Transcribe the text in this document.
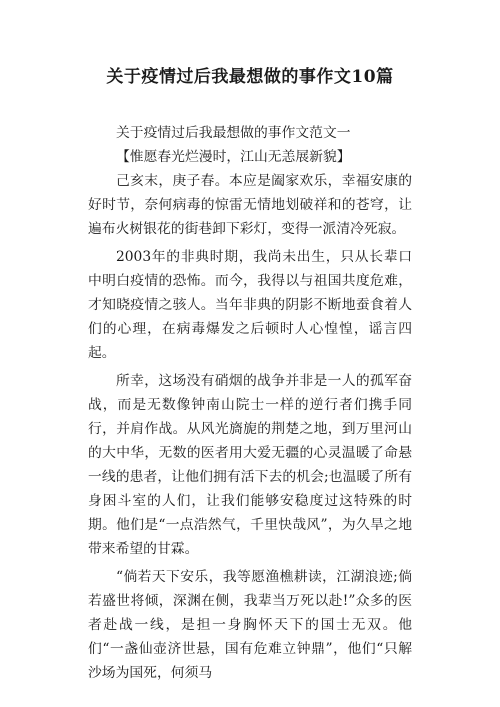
关于疫情过后我最想做的事作文10篇

关于疫情过后我最想做的事作文范文一

【惟愿春光烂漫时，江山无恙展新貌】

己亥末，庚子春。本应是阖家欢乐，幸福安康的好时节，奈何病毒的惊雷无情地划破祥和的苍穹，让遍布火树银花的街巷卸下彩灯，变得一派清冷死寂。

2003年的非典时期，我尚未出生，只从长辈口中明白疫情的恐怖。而今，我得以与祖国共度危难，才知晓疫情之骇人。当年非典的阴影不断地蚕食着人们的心理，在病毒爆发之后顿时人心惶惶，谣言四起。

所幸，这场没有硝烟的战争并非是一人的孤军奋战，而是无数像钟南山院士一样的逆行者们携手同行，并肩作战。从风光旖旎的荆楚之地，到万里河山的大中华，无数的医者用大爱无疆的心灵温暖了命悬一线的患者，让他们拥有活下去的机会;也温暖了所有身困斗室的人们，让我们能够安稳度过这特殊的时期。他们是“一点浩然气，千里快哉风”，为久旱之地带来希望的甘霖。

“倘若天下安乐，我等愿渔樵耕读，江湖浪迹;倘若盛世将倾，深渊在侧，我辈当万死以赴!”众多的医者赴战一线，是担一身胸怀天下的国士无双。他们“一盏仙壶济世悬，国有危难立钟鼎”，他们“只解沙场为国死，何须马
